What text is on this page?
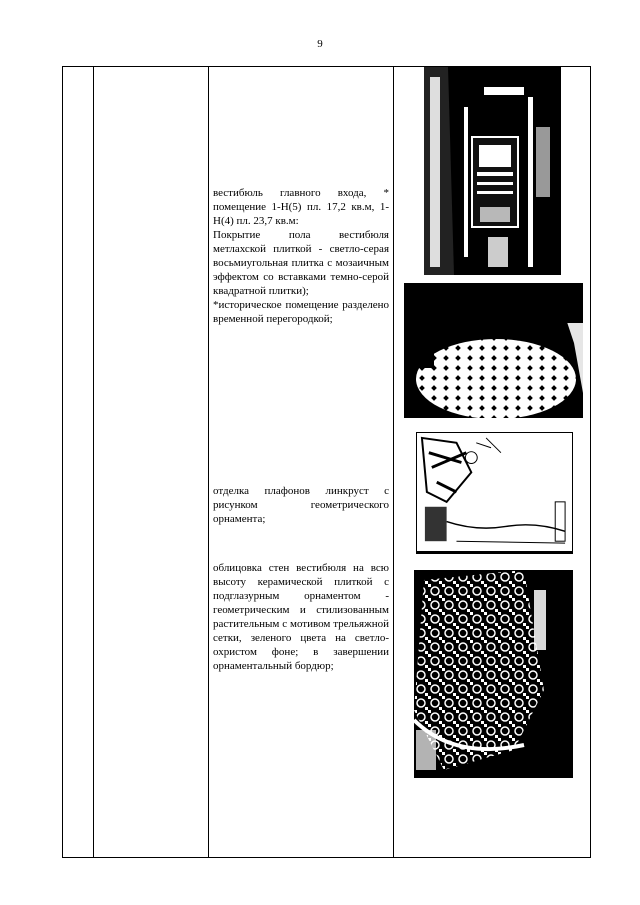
9

вестибюль главного входа, * помещение 1-Н(5) пл. 17,2 кв.м, 1-Н(4) пл. 23,7 кв.м:

Покрытие пола вестибюля метлахской плиткой - светло-серая восьмиугольная плитка с мозаичным эффектом со вставками темно-серой квадратной плитки);

*историческое помещение разделено временной перегородкой;

отделка плафонов линкруст с рисунком геометрического орнамента;

облицовка стен вестибюля на всю высоту керамической плиткой с подглазурным орнаментом - геометрическим и стилизованным растительным с мотивом трельяжной сетки, зеленого цвета на светло-охристом фоне; в завершении орнаментальный бордюр;
